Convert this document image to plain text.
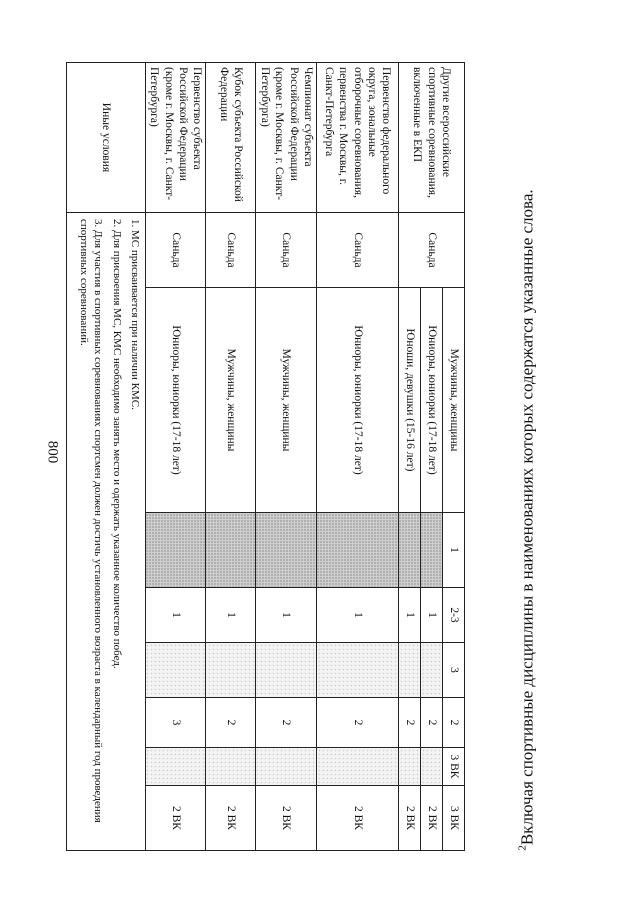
800
Другие всероссийские спортивные соревнования, включенные в ЕКП	Саньда	Мужчины, женщины	1	2-3	3	2	3 ВК	3 ВК
		Юниоры, юниорки (17-18 лет)		1		2		2 ВК
		Юноши, девушки (15-16 лет)		1		2		2 ВК
Первенство федерального округа, зональные отборочные соревнования, первенства г. Москвы, г. Санкт-Петербурга	Саньда	Юниоры, юниорки (17-18 лет)		1		2		2 ВК
Чемпионат субъекта Российской Федерации (кроме г. Москвы, г. Санкт-Петербурга)	Саньда	Мужчины, женщины		1		2		2 ВК
Кубок субъекта Российской Федерации	Саньда	Мужчины, женщины		1		2		2 ВК
Первенство субъекта Российской Федерации (кроме г. Москвы, г. Санкт-Петербурга)	Саньда	Юниоры, юниорки (17-18 лет)		1		3		2 ВК
Иные условия	1. МС присваивается при наличии КМС.

2. Для присвоения МС, КМС необходимо занять место и одержать указанное количество побед.

3. Для участия в спортивных соревнованиях спортсмен должен достичь установленного возраста в календарный год проведения спортивных соревнований.							

$^2$Включая спортивные дисциплины в наименованиях которых содержатся указанные слова.
